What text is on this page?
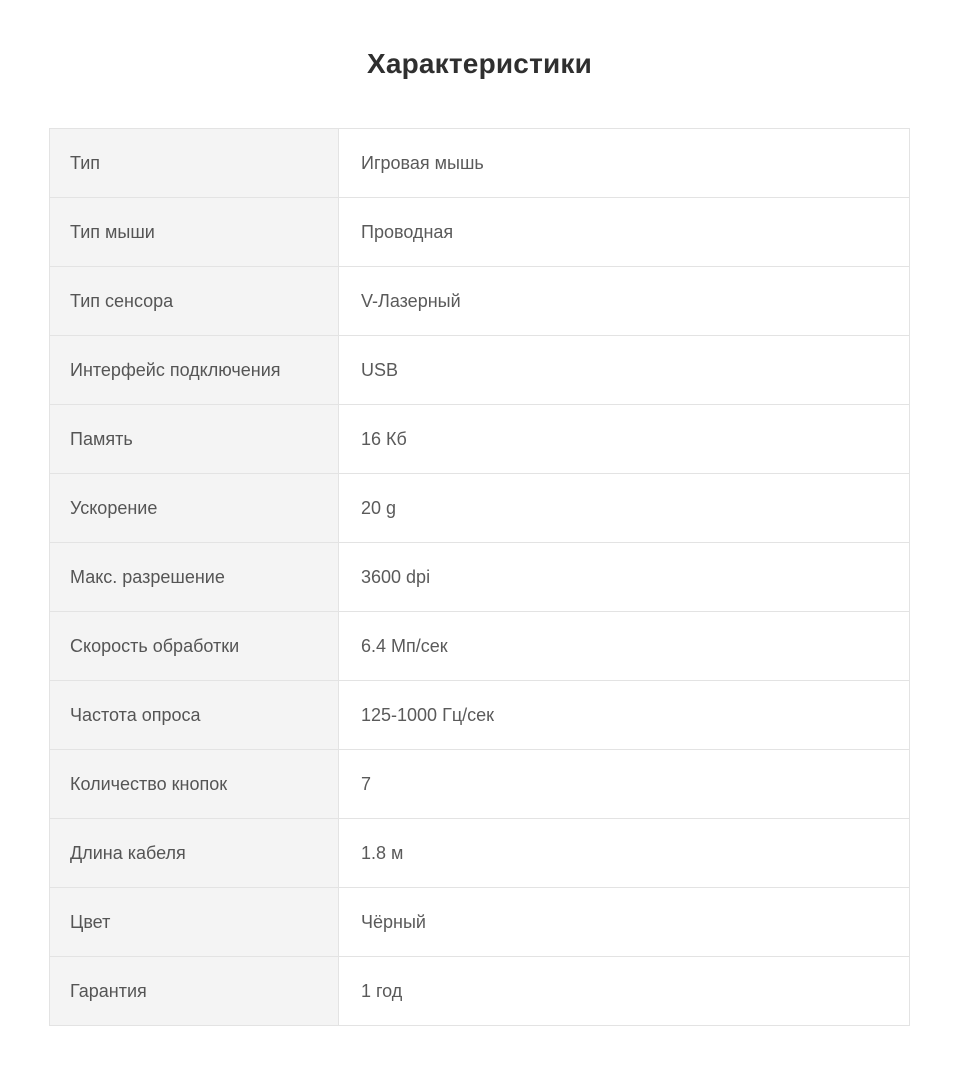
Характеристики
Тип	Игровая мышь
Тип мыши	Проводная
Тип сенсора	V-Лазерный
Интерфейс подключения	USB
Память	16 Кб
Ускорение	20 g
Макс. разрешение	3600 dpi
Скорость обработки	6.4 Мп/сек
Частота опроса	125-1000 Гц/сек
Количество кнопок	7
Длина кабеля	1.8 м
Цвет	Чёрный
Гарантия	1 год
